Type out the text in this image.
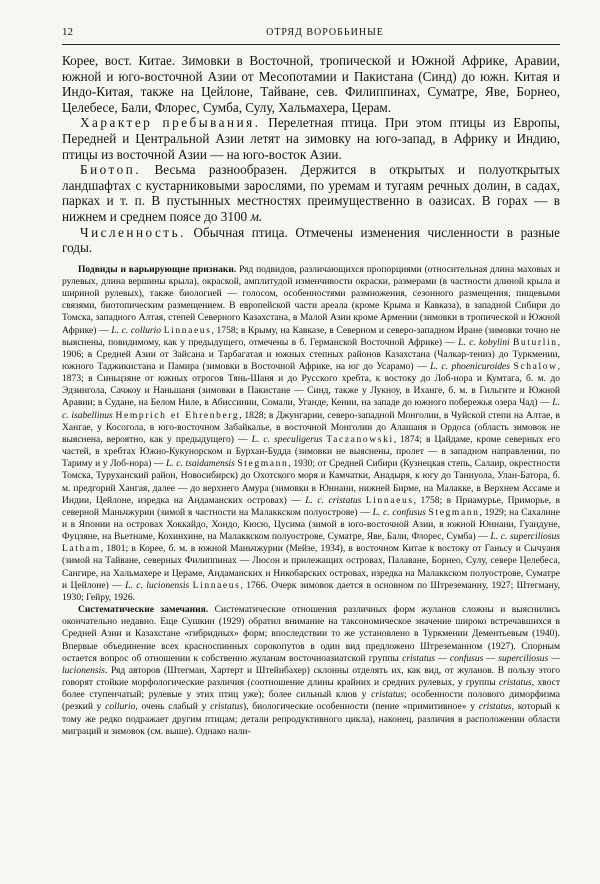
12	ОТРЯД ВОРОБЬИНЫЕ

Корее, вост. Китае. Зимовки в Восточной, тропической и Южной Африке, Аравии, южной и юго-восточной Азии от Месопотамии и Пакистана (Синд) до южн. Китая и Индо-Китая, также на Цейлоне, Тайване, сев. Филиппинах, Суматре, Яве, Борнео, Целебесе, Бали, Флорес, Сумба, Сулу, Хальмахера, Церам.

Характер пребывания. Перелетная птица. При этом птицы из Европы, Передней и Центральной Азии летят на зимовку на юго-запад, в Африку и Индию, птицы из восточной Азии — на юго-восток Азии.

Биотоп. Весьма разнообразен. Держится в открытых и полуоткрытых ландшафтах с кустарниковыми зарослями, по уремам и тугаям речных долин, в садах, парках и т. п. В пустынных местностях преимущественно в оазисах. В горах — в нижнем и среднем поясе до 3100 м.

Численность. Обычная птица. Отмечены изменения численности в разные годы.

Подвиды и варьирующие признаки. Ряд подвидов, различающихся пропорциями (относительная длина маховых и рулевых, длина вершины крыла), окраской, амплитудой изменчивости окраски, размерами (в частности длиной крыла и шириной рулевых), также биологией — голосом, особенностями размножения, сезонного размещения, пищевыми связями, биотопическим размещением. В европейской части ареала (кроме Крыма и Кавказа), в западной Сибири до Томска, западного Алтая, степей Северного Казахстана, в Малой Азии кроме Армении (зимовки в тропической и Южной Африке) — L. c. collurio Linnaeus, 1758; в Крыму, на Кавказе, в Северном и северо-западном Иране (зимовки точно не выяснены, повидимому, как у предыдущего, отмечены в б. Германской Восточной Африке) — L. c. kobylini Buturlin, 1906; в Средней Азии от Зайсана и Тарбагатая и южных степных районов Казахстана (Чалкар-тениз) до Туркмении, южного Таджикистана и Памира (зимовки в Восточной Африке, на юг до Усарамо) — L. c. phoenicuroides Schalow, 1873; в Синьцзяне от южных отрогов Тянь-Шаня и до Русского хребта, к востоку до Лоб-нора и Кумтага, б. м. до Эдзингола, Сачжоу и Наньшаня (зимовки в Пакистане — Синд, также у Лукноу, в Иханге, б. м. в Гильгите и Южной Аравии; в Судане, на Белом Ниле, в Абиссинии, Сомали, Уганде, Кении, на западе до южного побережья озера Чад) — L. c. isabellinus Hemprich et Ehrenberg, 1828; в Джунгарии, северо-западной Монголии, в Чуйской степи на Алтае, в Хангае, у Косогола, в юго-восточном Забайкалье, в восточной Монголии до Алашаня и Ордоса (область зимовок не выяснена, вероятно, как у предыдущего) — L. c. speculigerus Taczanowski, 1874; в Цайдаме, кроме северных его частей, в хребтах Южно-Кукунорском и Бурхан-Будда (зимовки не выяснены, пролет — в западном направлении, по Тариму и у Лоб-нора) — L. c. tsaidamensis Stegmann, 1930; от Средней Сибири (Кузнецкая степь, Салаир, окрестности Томска, Туруханский район, Новосибирск) до Охотского моря и Камчатки, Анадыря, к югу до Таннуола, Улан-Батора, б. м. предгорий Хангая, далее — до верхнего Амура (зимовки в Юннани, нижней Бирме, на Малакке, в Верхнем Ассаме и Индии, Цейлоне, изредка на Андаманских островах) — L. c. cristatus Linnaeus, 1758; в Приамурье, Приморье, в северной Маньчжурии (зимой в частности на Малаккском полуострове) — L. c. confusus Stegmann, 1929; на Сахалине и в Японии на островах Хоккайдо, Хондо, Кюсю, Цусима (зимой в юго-восточной Азии, в южной Юннани, Гуандуне, Фуцзяне, на Вьетнаме, Кохинхине, на Малаккском полуострове, Суматре, Яве, Бали, Флорес, Сумба) — L. c. superciliosus Latham, 1801; в Корее, б. м. в южной Маньчжурии (Мейзе, 1934), в восточном Китае к востоку от Ганьсу и Сычуаня (зимой на Тайване, северных Филиппинах — Люсон и прилежащих островах, Палаване, Борнео, Сулу, севере Целебеса, Сангире, на Хальмахере и Цераме, Андаманских и Никобарских островах, изредка на Малаккском полуострове, Суматре и Цейлоне) — L. c. lucionensis Linnaeus, 1766. Очерк зимовок дается в основном по Штреземанну, 1927; Штегману, 1930; Гейру, 1926.

Систематические замечания. Систематические отношения различных форм жуланов сложны и выяснились окончательно недавно. Еще Сушкин (1929) обратил внимание на таксономическое значение широко встречавшихся в Средней Азии и Казахстане «гибридных» форм; впоследствии то же установлено в Туркмении Дементьевым (1940). Впервые объединение всех красноспинных сорокопутов в один вид предложено Штреземанном (1927). Спорным остается вопрос об отношении к собственно жуланам восточноазиатской группы cristatus — confusus — superciliosus — lucionensis. Ряд авторов (Штегман, Хартерт и Штейнбахер) склонны отделять их, как вид, от жуланов. В пользу этого говорят стойкие морфологические различия (соотношение длины крайних и средних рулевых, у группы cristatus, хвост более ступенчатый; рулевые у этих птиц уже); более сильный клюв у cristatus; особенности полового диморфизма (резкий у collurio, очень слабый у cristatus), биологические особенности (пение «примитивное» у cristatus, который к тому же редко подражает другим птицам; детали репродуктивного цикла), наконец, различия в расположении области миграций и зимовок (см. выше). Однако нали-
